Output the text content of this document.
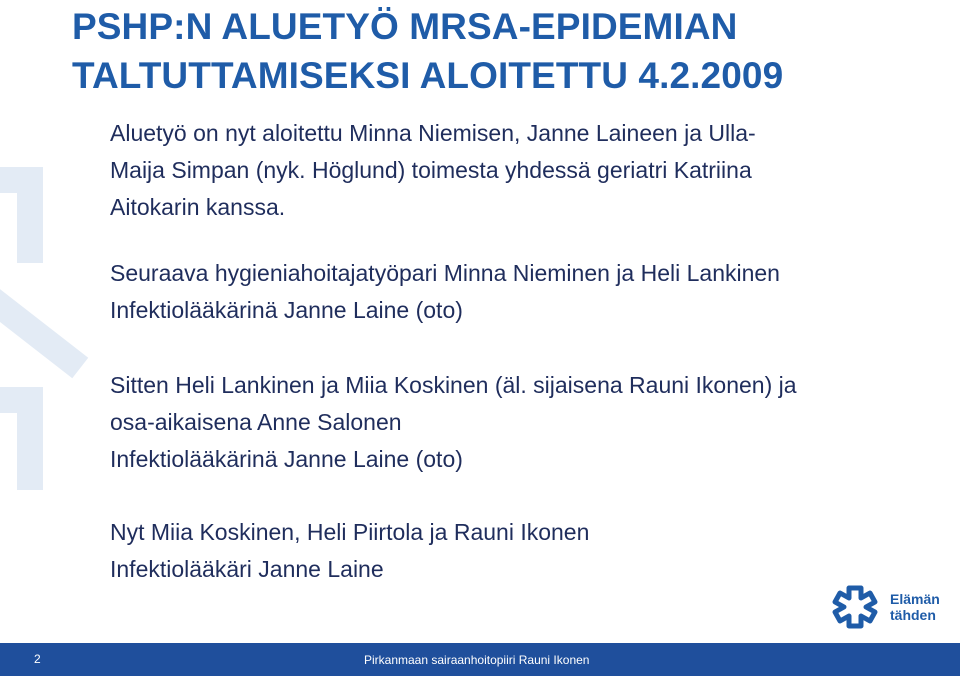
PSHP:N ALUETYÖ MRSA-EPIDEMIAN TALTUTTAMISEKSI ALOITETTU 4.2.2009

Aluetyö on nyt aloitettu Minna Niemisen, Janne Laineen ja Ulla-

Maija Simpan (nyk. Höglund) toimesta yhdessä geriatri Katriina

Aitokarin kanssa.

Seuraava hygieniahoitajatyöpari Minna Nieminen ja Heli Lankinen

Infektiolääkärinä Janne Laine (oto)

Sitten Heli Lankinen ja Miia Koskinen (äl. sijaisena Rauni Ikonen) ja

osa-aikaisena Anne Salonen

Infektiolääkärinä Janne Laine (oto)

Nyt Miia Koskinen, Heli Piirtola ja Rauni Ikonen

Infektiolääkäri Janne Laine

Elämän
tähden
2	Pirkanmaan sairaanhoitopiiri Rauni Ikonen
